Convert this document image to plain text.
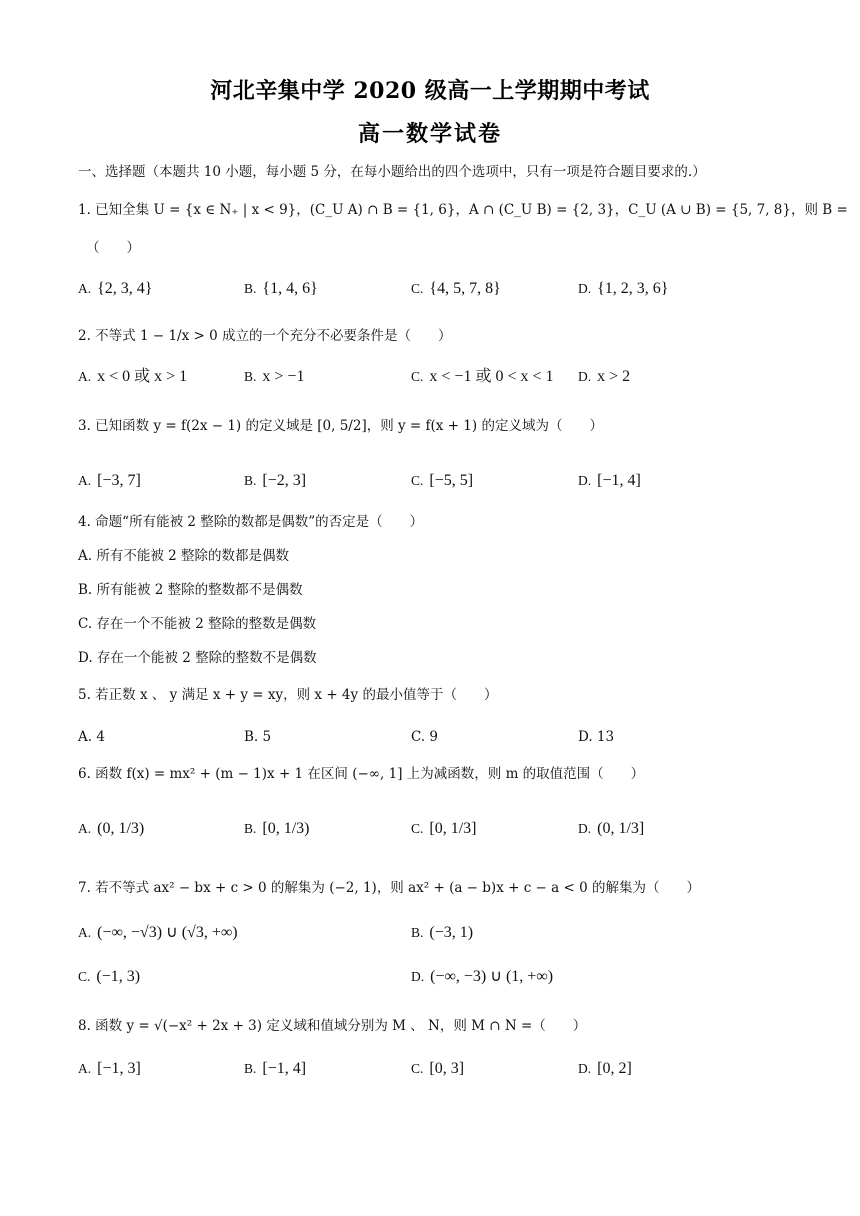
河北辛集中学 2020 级高一上学期期中考试
高一数学试卷
一、选择题（本题共 10 小题，每小题 5 分，在每小题给出的四个选项中，只有一项是符合题目要求的.）
1. 已知全集 U = {x ∈ N₊ | x < 9}，(C_U A) ∩ B = {1, 6}，A ∩ (C_U B) = {2, 3}，C_U (A ∪ B) = {5, 7, 8}，则 B =
（　　）
A. {2, 3, 4}	B. {1, 4, 6}	C. {4, 5, 7, 8}	D. {1, 2, 3, 6}
2. 不等式 1 − 1/x > 0 成立的一个充分不必要条件是（　　）
A. x < 0 或 x > 1	B. x > −1	C. x < −1 或 0 < x < 1 D. x > 2
3. 已知函数 y = f(2x − 1) 的定义域是 [0, 5/2]，则 y = f(x + 1) 的定义域为（　　）
A. [−3, 7]	B. [−2, 3]	C. [−5, 5]	D. [−1, 4]
4. 命题“所有能被 2 整除的数都是偶数”的否定是（　　）
A. 所有不能被 2 整除的数都是偶数
B. 所有能被 2 整除的整数都不是偶数
C. 存在一个不能被 2 整除的整数是偶数
D. 存在一个能被 2 整除的整数不是偶数
5. 若正数 x 、 y 满足 x + y = xy，则 x + 4y 的最小值等于（　　）
A. 4	B. 5	C. 9	D. 13
6. 函数 f(x) = mx² + (m − 1)x + 1 在区间 (−∞, 1] 上为减函数，则 m 的取值范围（　　）
A. (0, 1/3)	B. [0, 1/3)	C. [0, 1/3]	D. (0, 1/3]
7. 若不等式 ax² − bx + c > 0 的解集为 (−2, 1)，则 ax² + (a − b)x + c − a < 0 的解集为（　　）
A. (−∞, −√3) ∪ (√3, +∞)	B. (−3, 1)
C. (−1, 3)	D. (−∞, −3) ∪ (1, +∞)
8. 函数 y = √(−x² + 2x + 3) 定义域和值域分别为 M 、 N，则 M ∩ N =（　　）
A. [−1, 3]	B. [−1, 4]	C. [0, 3]	D. [0, 2]
